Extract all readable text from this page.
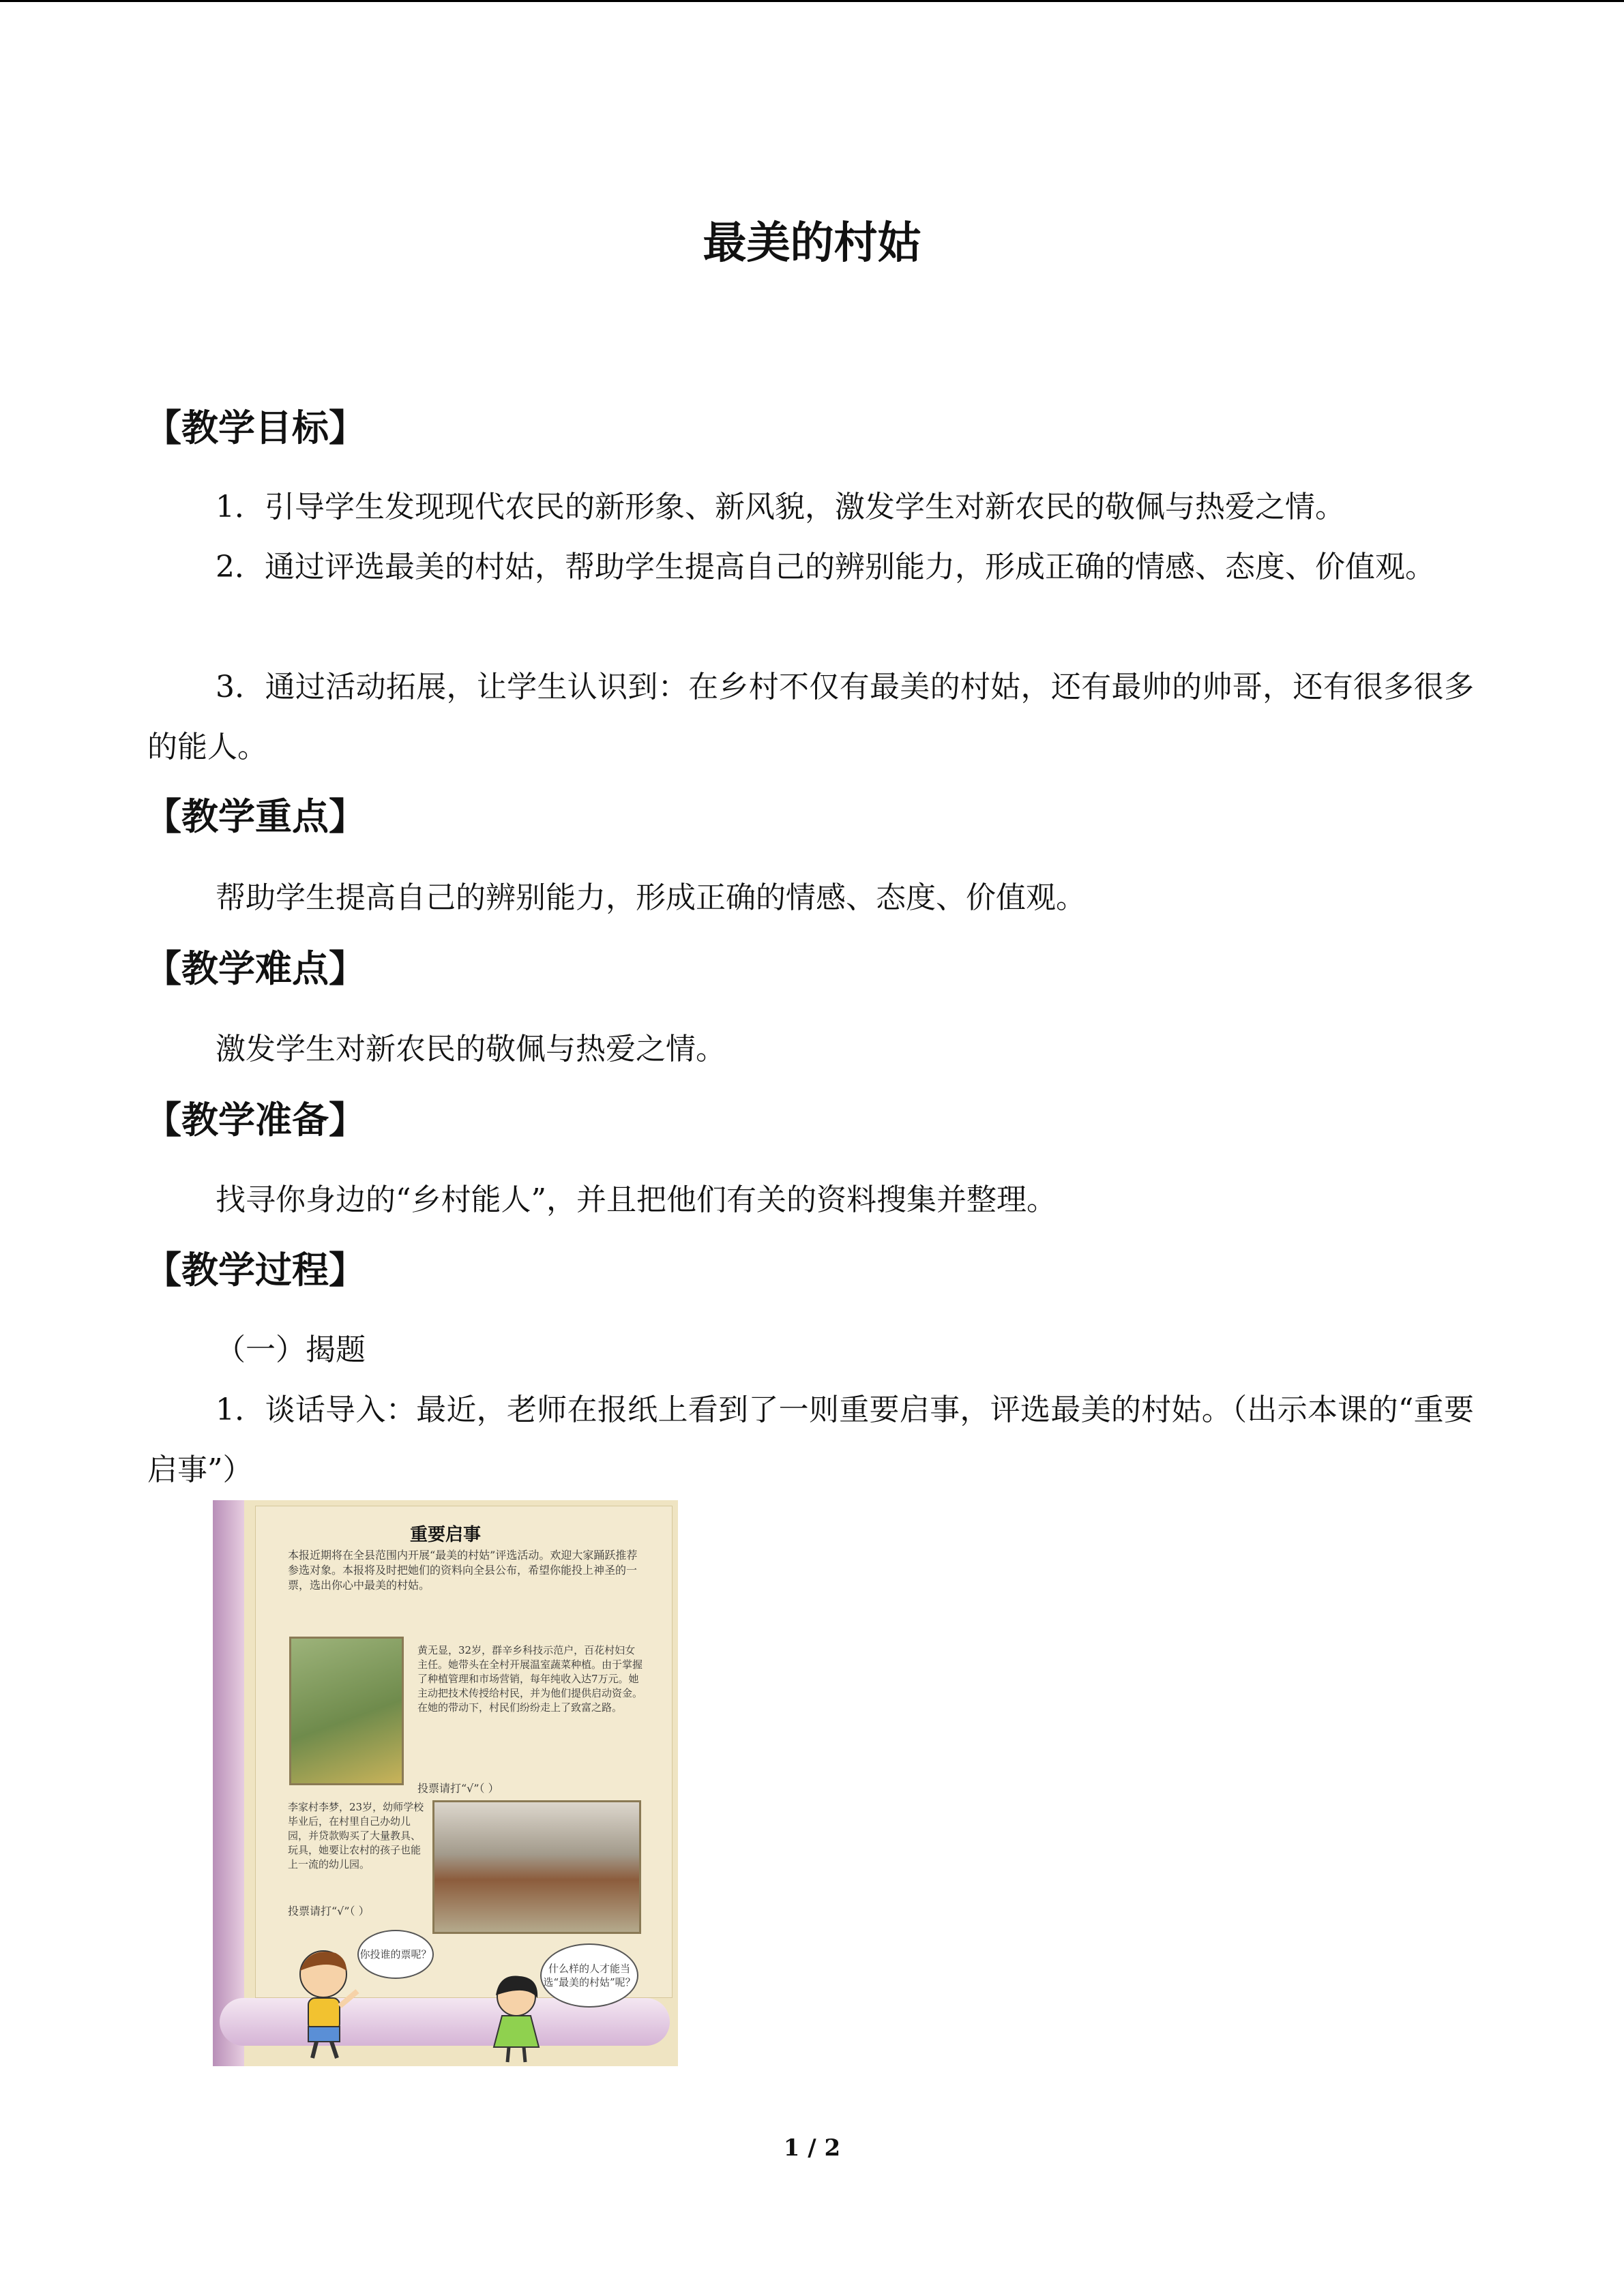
最美的村姑
【教学目标】
1．引导学生发现现代农民的新形象、新风貌，激发学生对新农民的敬佩与热爱之情。
2．通过评选最美的村姑，帮助学生提高自己的辨别能力，形成正确的情感、态度、价值观。
3．通过活动拓展，让学生认识到：在乡村不仅有最美的村姑，还有最帅的帅哥，还有很多很多的能人。
【教学重点】
帮助学生提高自己的辨别能力，形成正确的情感、态度、价值观。
【教学难点】
激发学生对新农民的敬佩与热爱之情。
【教学准备】
找寻你身边的“乡村能人”，并且把他们有关的资料搜集并整理。
【教学过程】
（一）揭题
1．谈话导入：最近，老师在报纸上看到了一则重要启事，评选最美的村姑。（出示本课的“重要启事”）
重要启事
本报近期将在全县范围内开展“最美的村姑”评选活动。欢迎大家踊跃推荐参选对象。本报将及时把她们的资料向全县公布，希望你能投上神圣的一票，选出你心中最美的村姑。
黄无显，32岁，群辛乡科技示范户，百花村妇女主任。她带头在全村开展温室蔬菜种植。由于掌握了种植管理和市场营销，每年纯收入达7万元。她主动把技术传授给村民，并为他们提供启动资金。在她的带动下，村民们纷纷走上了致富之路。
投票请打“√”（ ）
李家村李梦，23岁，幼师学校毕业后，在村里自己办幼儿园，并贷款购买了大量教具、玩具，她要让农村的孩子也能上一流的幼儿园。
投票请打“√”（ ）
你投谁的票呢？
什么样的人才能当选“最美的村姑”呢？
1 / 2
